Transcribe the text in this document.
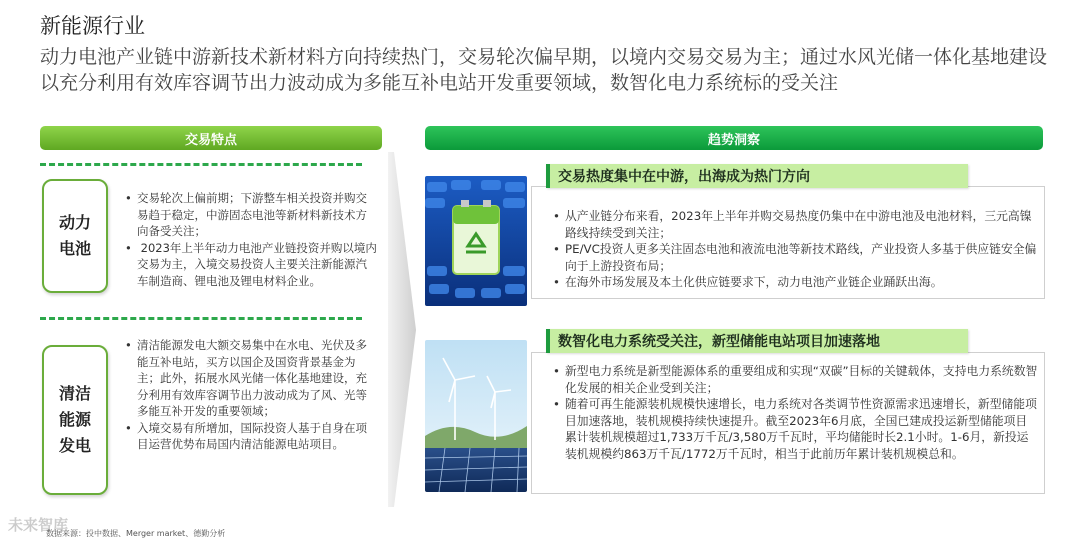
新能源行业
动力电池产业链中游新技术新材料方向持续热门，交易轮次偏早期，以境内交易交易为主；通过水风光储一体化基地建设以充分利用有效库容调节出力波动成为多能互补电站开发重要领域，数智化电力系统标的受关注
交易特点	趋势洞察
动力
电池
• 交易轮次上偏前期；下游整车相关投资并购交易趋于稳定，中游固态电池等新材料新技术方向备受关注；
•  2023年上半年动力电池产业链投资并购以境内交易为主，入境交易投资人主要关注新能源汽车制造商、锂电池及锂电材料企业。
清洁
能源
发电
• 清洁能源发电大额交易集中在水电、光伏及多能互补电站，买方以国企及国资背景基金为主；此外，拓展水风光储一体化基地建设，充分利用有效库容调节出力波动成为了风、光等多能互补开发的重要领域；
• 入境交易有所增加，国际投资人基于自身在项目运营优势布局国内清洁能源电站项目。
交易热度集中在中游，出海成为热门方向
• 从产业链分布来看，2023年上半年并购交易热度仍集中在中游电池及电池材料，三元高镍路线持续受到关注；
• PE/VC投资人更多关注固态电池和液流电池等新技术路线，产业投资人多基于供应链安全偏向于上游投资布局；
• 在海外市场发展及本土化供应链要求下，动力电池产业链企业踊跃出海。
数智化电力系统受关注，新型储能电站项目加速落地
• 新型电力系统是新型能源体系的重要组成和实现“双碳”目标的关键载体，支持电力系统数智化发展的相关企业受到关注；
• 随着可再生能源装机规模快速增长，电力系统对各类调节性资源需求迅速增长，新型储能项目加速落地，装机规模持续快速提升。截至2023年6月底，全国已建成投运新型储能项目累计装机规模超过1,733万千瓦/3,580万千瓦时，平均储能时长2.1小时。1-6月，新投运装机规模约863万千瓦/1772万千瓦时，相当于此前历年累计装机规模总和。
未来智库
数据来源：投中数据、Merger market、德勤分析
